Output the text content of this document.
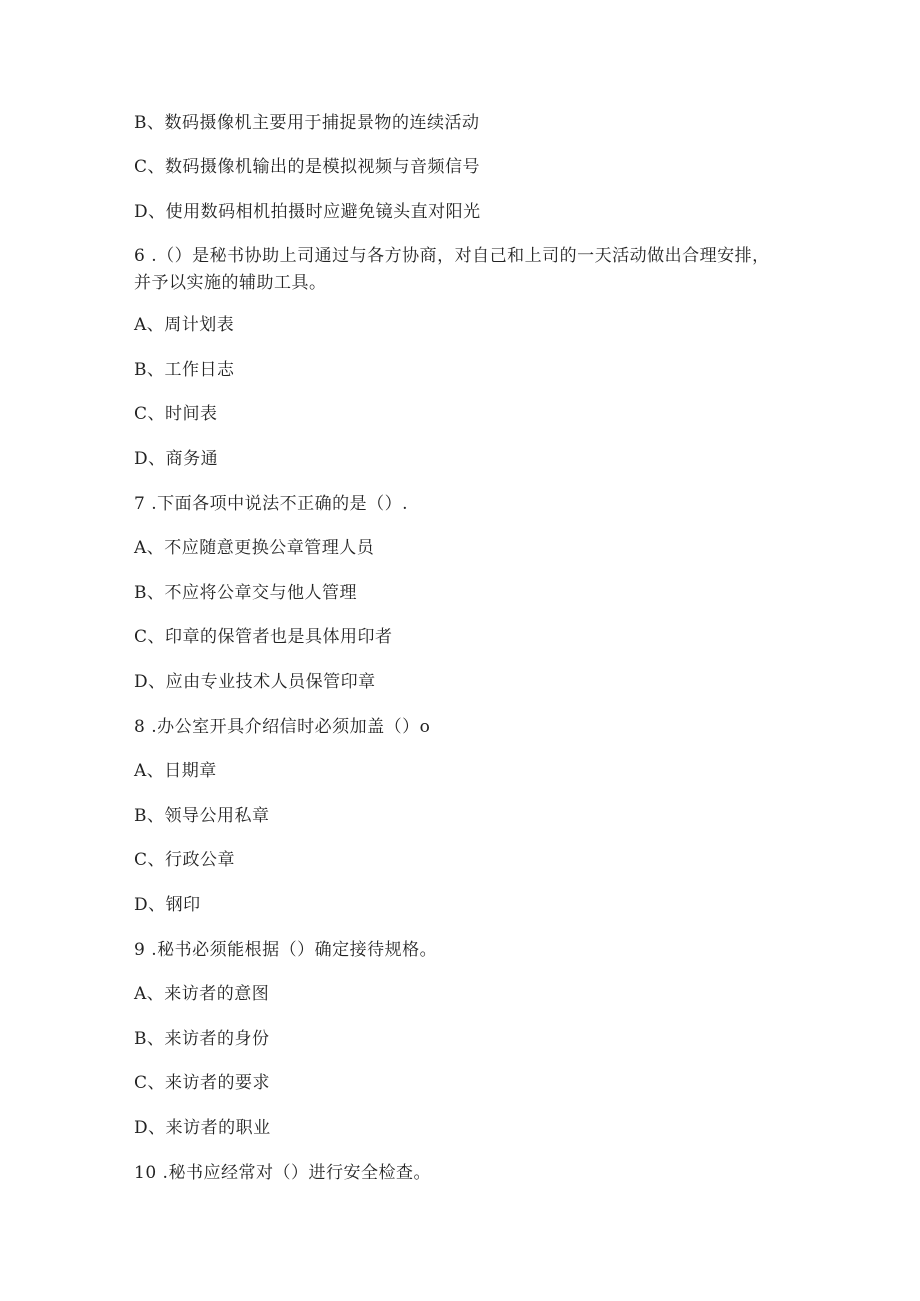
B、数码摄像机主要用于捕捉景物的连续活动
C、数码摄像机输出的是模拟视频与音频信号
D、使用数码相机拍摄时应避免镜头直对阳光
6 .（）是秘书协助上司通过与各方协商，对自己和上司的一天活动做出合理安排，并予以实施的辅助工具。
A、周计划表
B、工作日志
C、时间表
D、商务通
7 .下面各项中说法不正确的是（）.
A、不应随意更换公章管理人员
B、不应将公章交与他人管理
C、印章的保管者也是具体用印者
D、应由专业技术人员保管印章
8 .办公室开具介绍信时必须加盖（）o
A、日期章
B、领导公用私章
C、行政公章
D、钢印
9 .秘书必须能根据（）确定接待规格。
A、来访者的意图
B、来访者的身份
C、来访者的要求
D、来访者的职业
10 .秘书应经常对（）进行安全检查。
